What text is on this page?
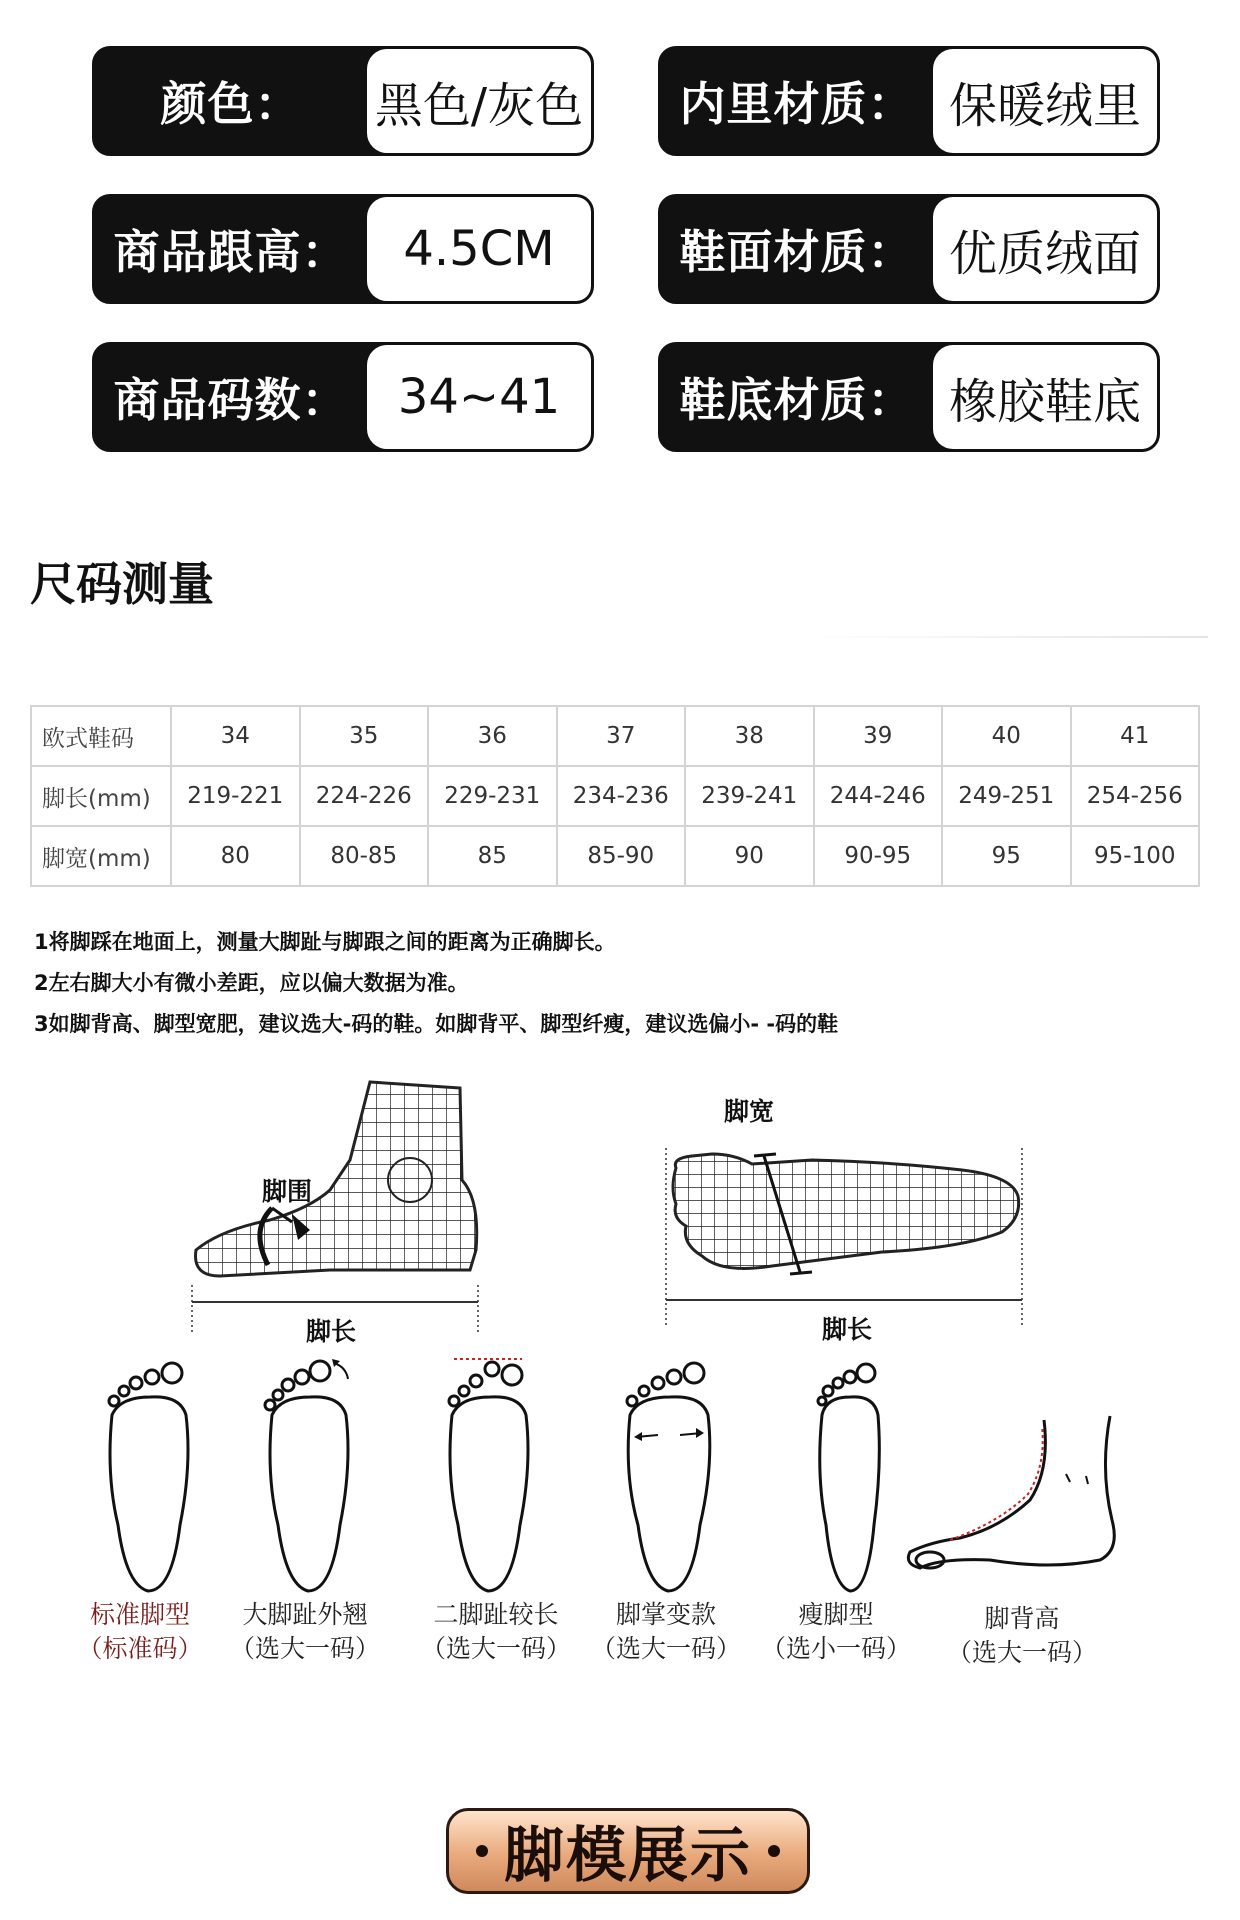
颜色：	黑色/灰色	内里材质： 保暖绒里
商品跟高：	4.5CM	鞋面材质： 优质绒面
商品码数：	34~41	鞋底材质： 橡胶鞋底
尺码测量
欧式鞋码	34	35	36	37	38	39	40	41
脚长(mm)	219-221	224-226	229-231	234-236	239-241	244-246	249-251	254-256
脚宽(mm)	80	80-85	85	85-90	90	90-95	95	95-100
1将脚踩在地面上，测量大脚趾与脚跟之间的距离为正确脚长。
2左右脚大小有微小差距，应以偏大数据为准。
3如脚背高、脚型宽肥，建议选大-码的鞋。如脚背平、脚型纤瘦，建议选偏小- -码的鞋
脚围
脚长
脚宽
脚长
标准脚型
（标准码）
大脚趾外翘
（选大一码）
二脚趾较长
（选大一码）
脚掌变款
（选大一码）
瘦脚型
（选小一码）
脚背高
（选大一码）
脚模展示
